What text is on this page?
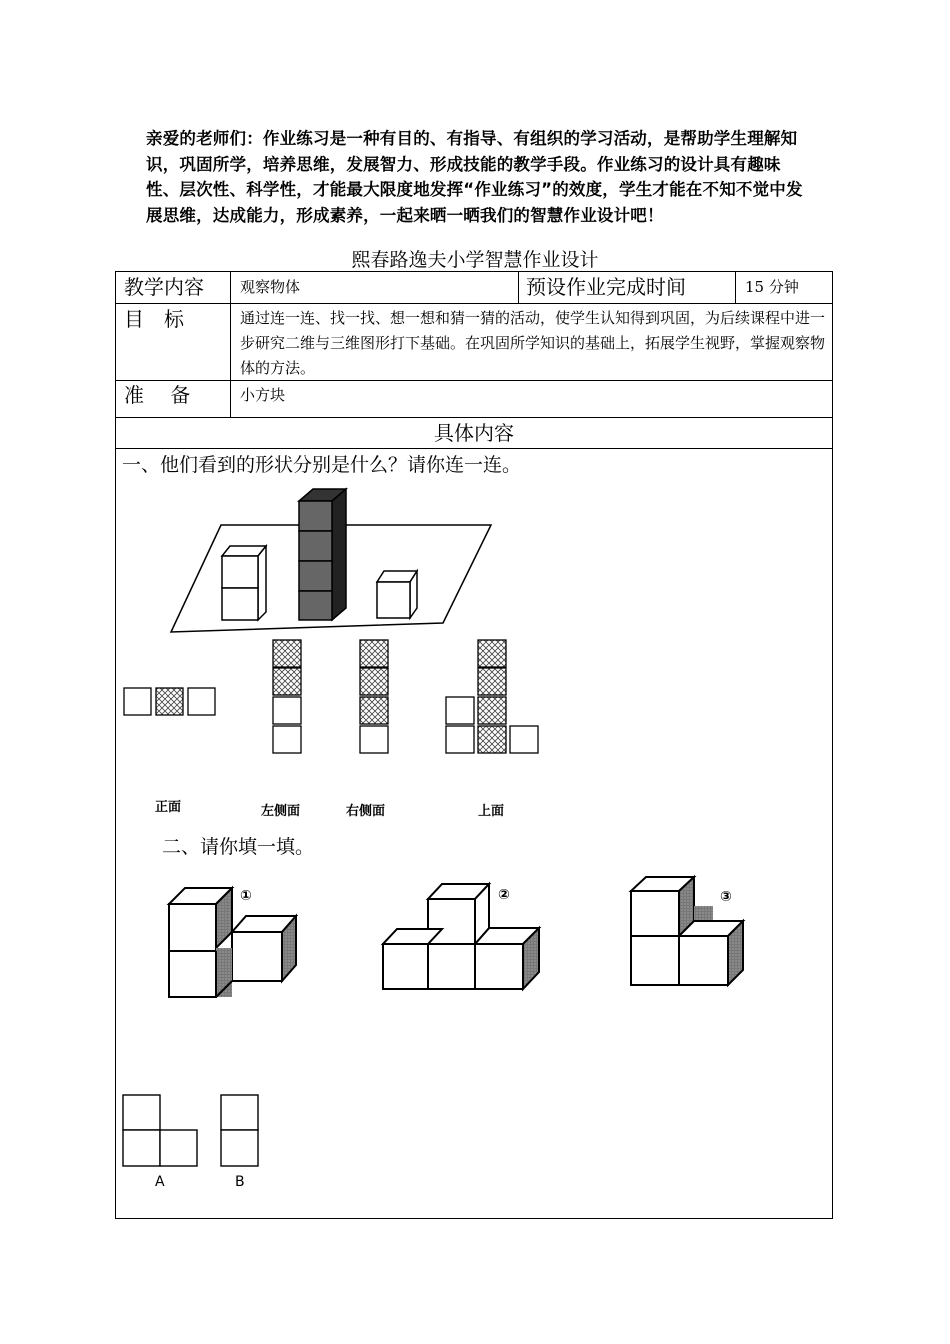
亲爱的老师们：作业练习是一种有目的、有指导、有组织的学习活动，是帮助学生理解知识，巩固所学，培养思维，发展智力、形成技能的教学手段。作业练习的设计具有趣味性、层次性、科学性，才能最大限度地发挥“作业练习”的效度，学生才能在不知不觉中发展思维，达成能力，形成素养，一起来晒一晒我们的智慧作业设计吧！
熙春路逸夫小学智慧作业设计
教学内容 观察物体	预设作业完成时间	15 分钟
目　标	通过连一连、找一找、想一想和猜一猜的活动，使学生认知得到巩固，为后续课程中进一步研究二维与三维图形打下基础。在巩固所学知识的基础上，拓展学生视野，掌握观察物体的方法。
准　 备	小方块
具体内容
一、他们看到的形状分别是什么？请你连一连。
①	②	③
正面	左侧面	右侧面	上面
二、请你填一填。
A	B
